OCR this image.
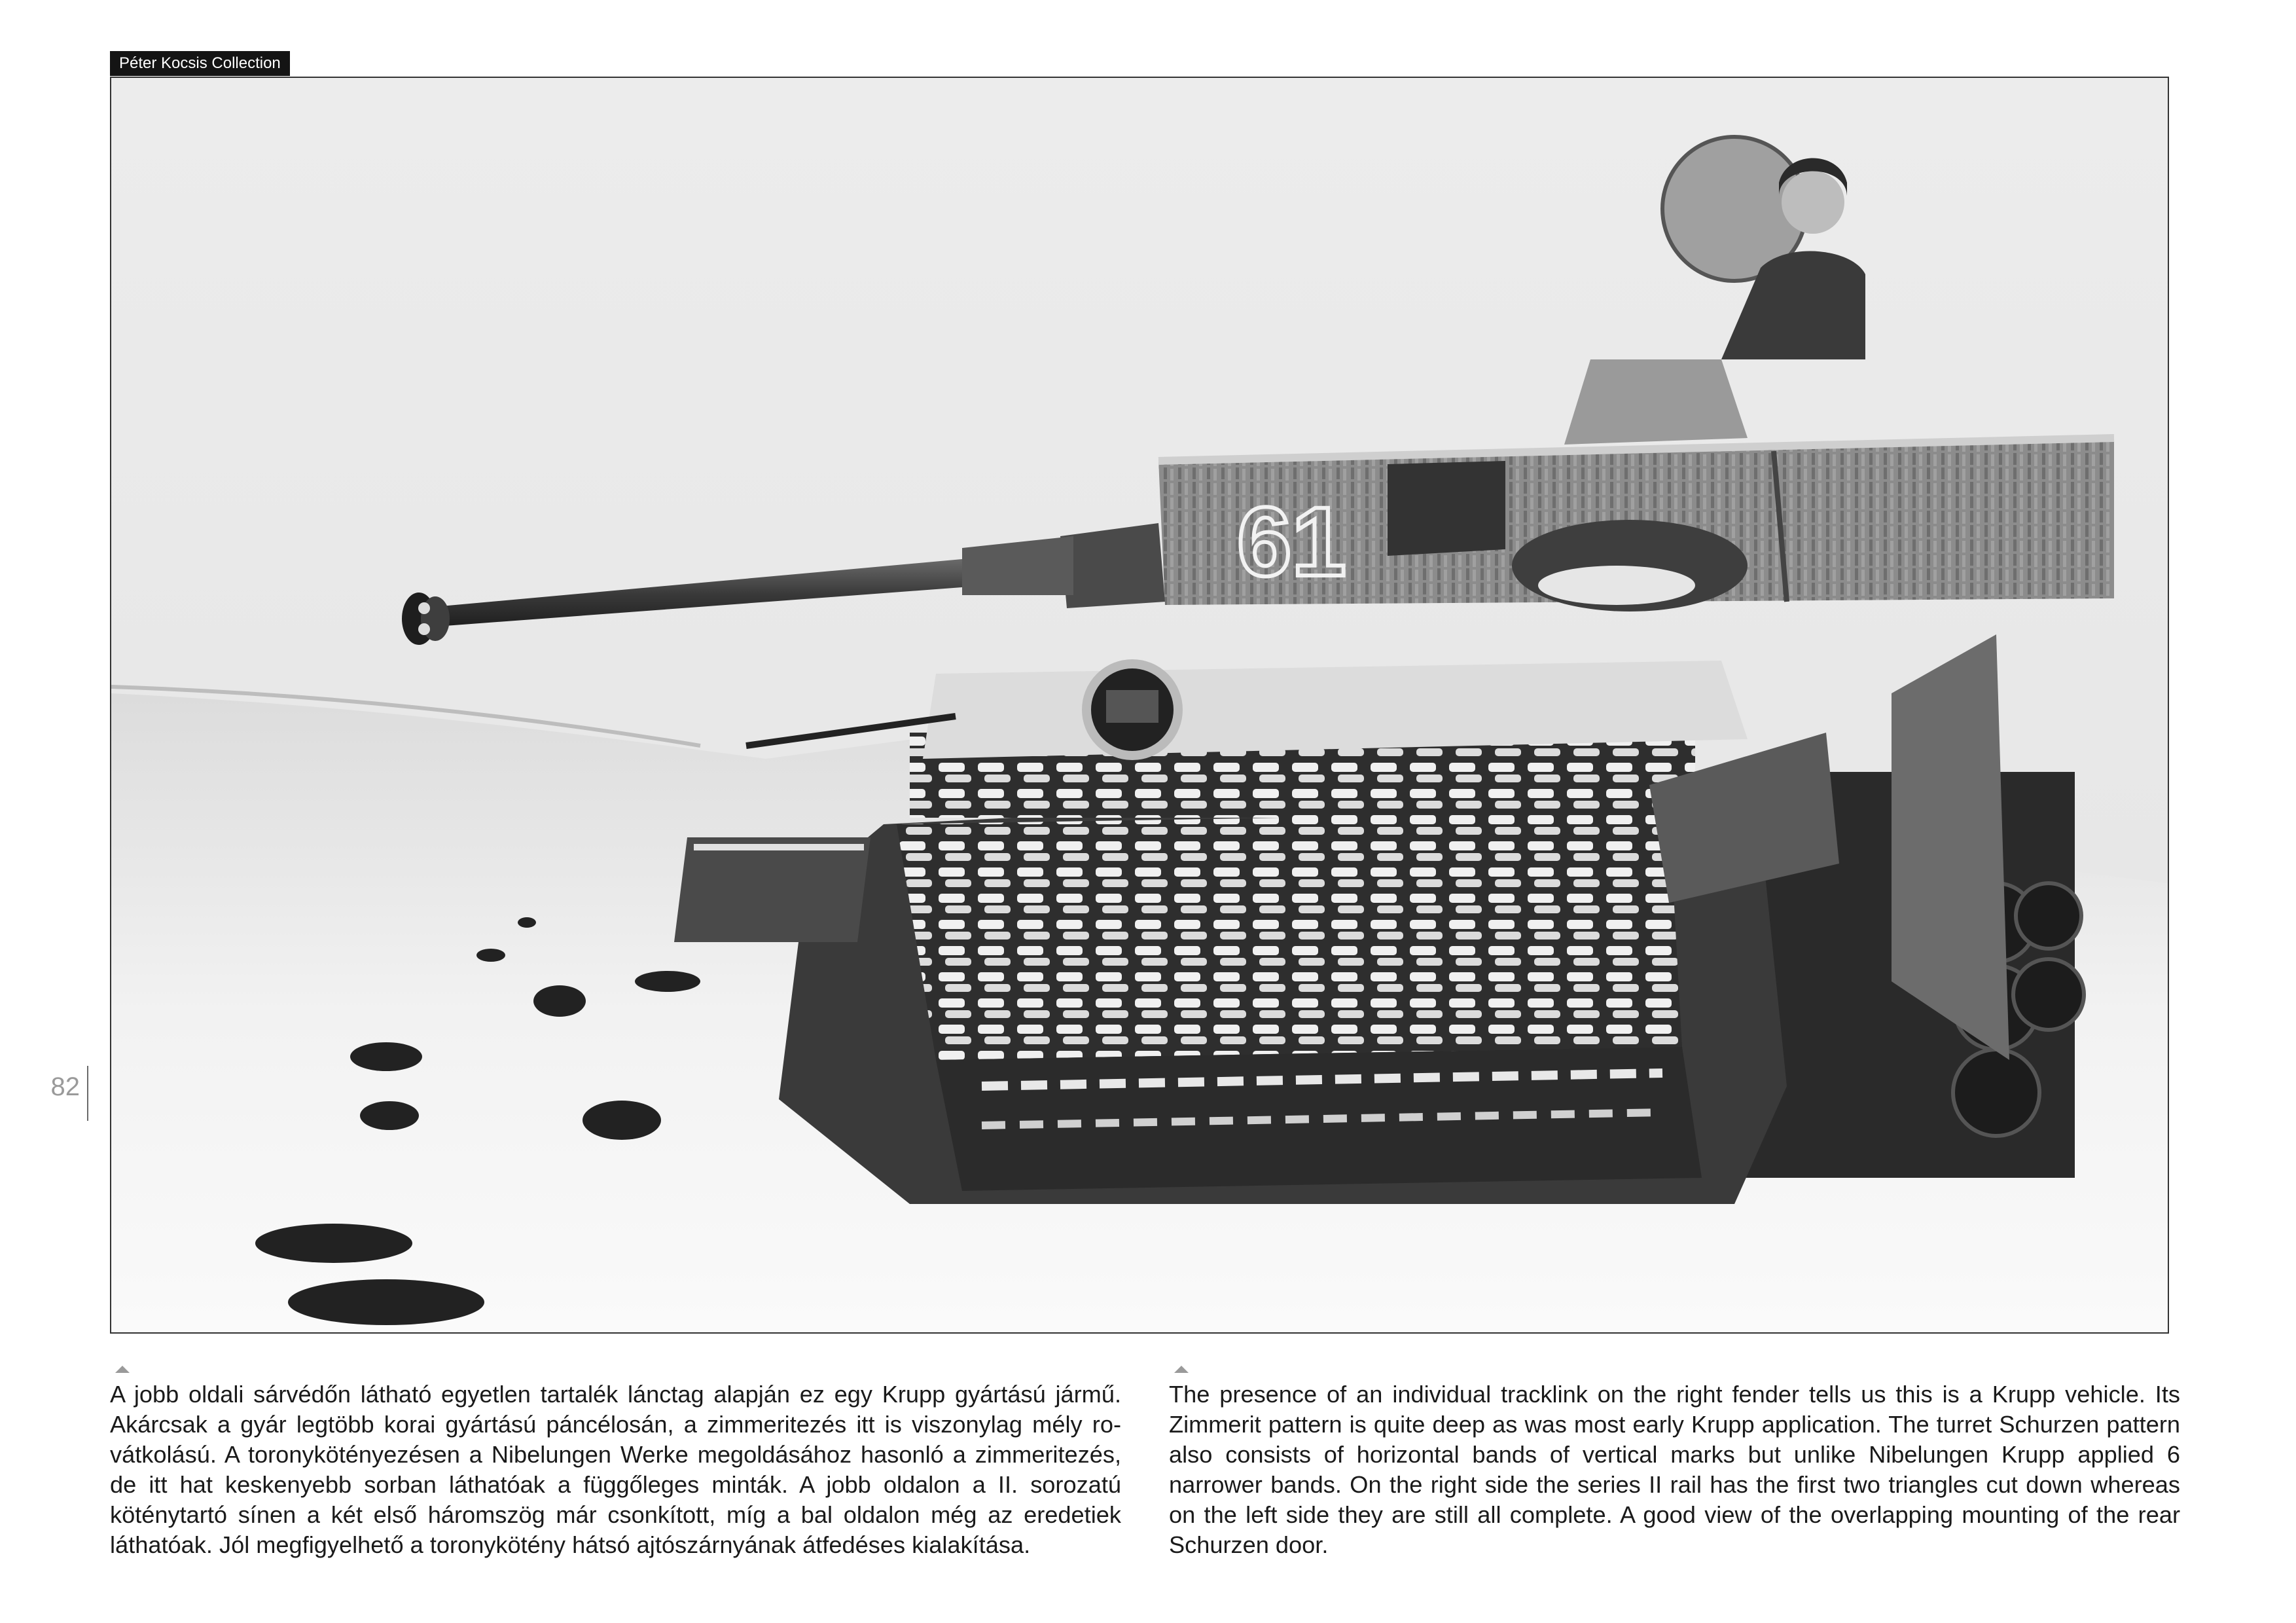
Péter Kocsis Collection
61
82

A jobb oldali sárvédőn látható egyetlen tartalék lánctag alapján ez egy Krupp gyártású jármű. Akárcsak a gyár legtöbb korai gyártású páncélosán, a zimmeritezés itt is viszonylag mély ro-vátkolású. A toronykötényezésen a Nibelungen Werke megoldásához hasonló a zimmeritezés, de itt hat keskenyebb sorban láthatóak a függőleges minták. A jobb oldalon a II. sorozatú köténytartó sínen a két első háromszög már csonkított, míg a bal oldalon még az eredetiek láthatóak. Jól megfigyelhető a toronykötény hátsó ajtószárnyának átfedéses kialakítása.

The presence of an individual tracklink on the right fender tells us this is a Krupp vehicle. Its Zimmerit pattern is quite deep as was most early Krupp application. The turret Schurzen pattern also consists of horizontal bands of vertical marks but unlike Nibelungen Krupp applied 6 narrower bands. On the right side the series II rail has the first two triangles cut down whereas on the left side they are still all complete. A good view of the overlapping mounting of the rear Schurzen door.
